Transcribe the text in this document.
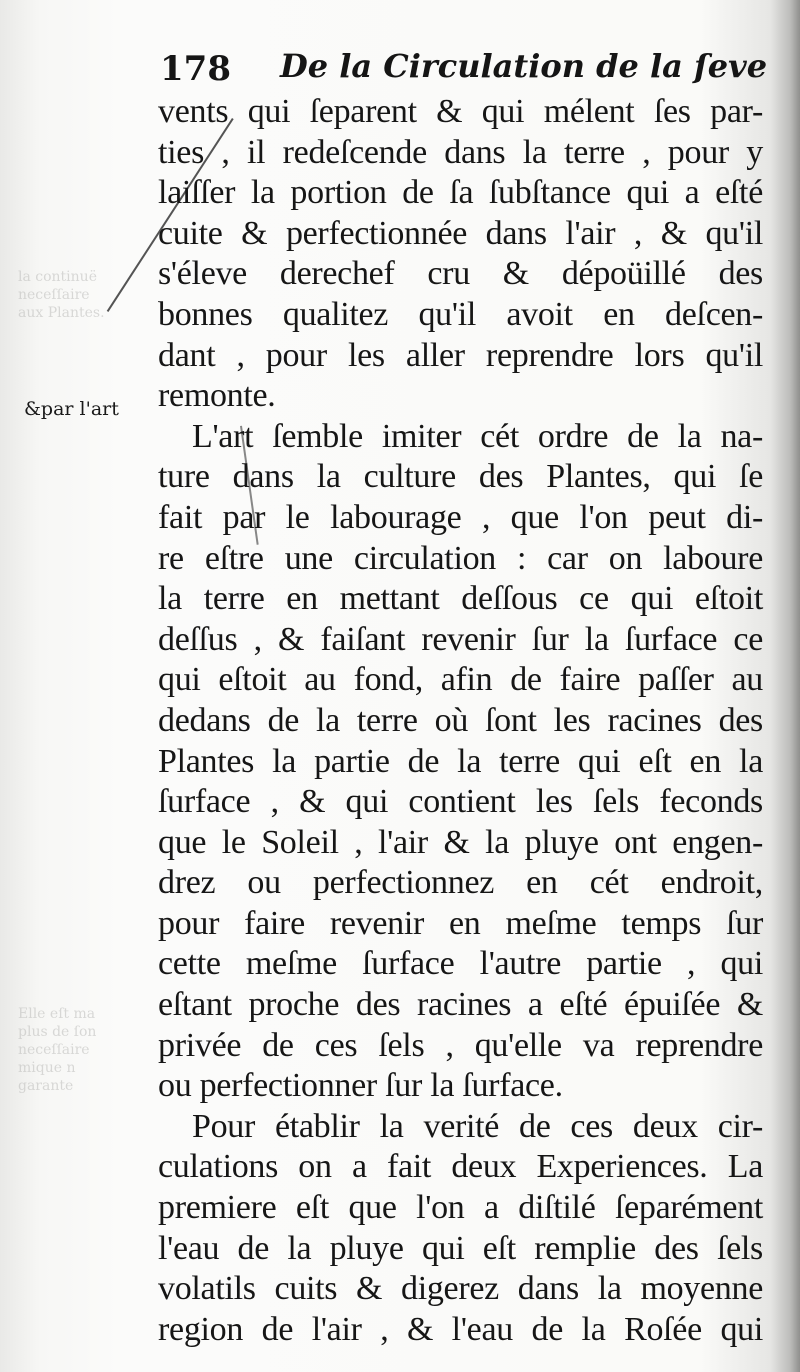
la continuë
neceſſaire
aux Plantes.
Elle eſt ma
plus de ſon
neceſſaire
mique n
garante
178 De la Circulation de la ſeve
&par l'art
vents qui ſeparent & qui mélent ſes par-
ties , il redeſcende dans la terre , pour y
laiſſer la portion de ſa ſubſtance qui a eſté
cuite & perfectionnée dans l'air , & qu'il
s'éleve derechef cru & dépoüillé des
bonnes qualitez qu'il avoit en deſcen-
dant , pour les aller reprendre lors qu'il
remonte.
L'art ſemble imiter cét ordre de la na-
ture dans la culture des Plantes, qui ſe
fait par le labourage , que l'on peut di-
re eſtre une circulation : car on laboure
la terre en mettant deſſous ce qui eſtoit
deſſus , & faiſant revenir ſur la ſurface ce
qui eſtoit au fond, afin de faire paſſer au
dedans de la terre où ſont les racines des
Plantes la partie de la terre qui eſt en la
ſurface , & qui contient les ſels feconds
que le Soleil , l'air & la pluye ont engen-
drez ou perfectionnez en cét endroit,
pour faire revenir en meſme temps ſur
cette meſme ſurface l'autre partie , qui
eſtant proche des racines a eſté épuiſée &
privée de ces ſels , qu'elle va reprendre
ou perfectionner ſur la ſurface.
Pour établir la verité de ces deux cir-
culations on a fait deux Experiences. La
premiere eſt que l'on a diſtilé ſeparément
l'eau de la pluye qui eſt remplie des ſels
volatils cuits & digerez dans la moyenne
region de l'air , & l'eau de la Roſée qui
